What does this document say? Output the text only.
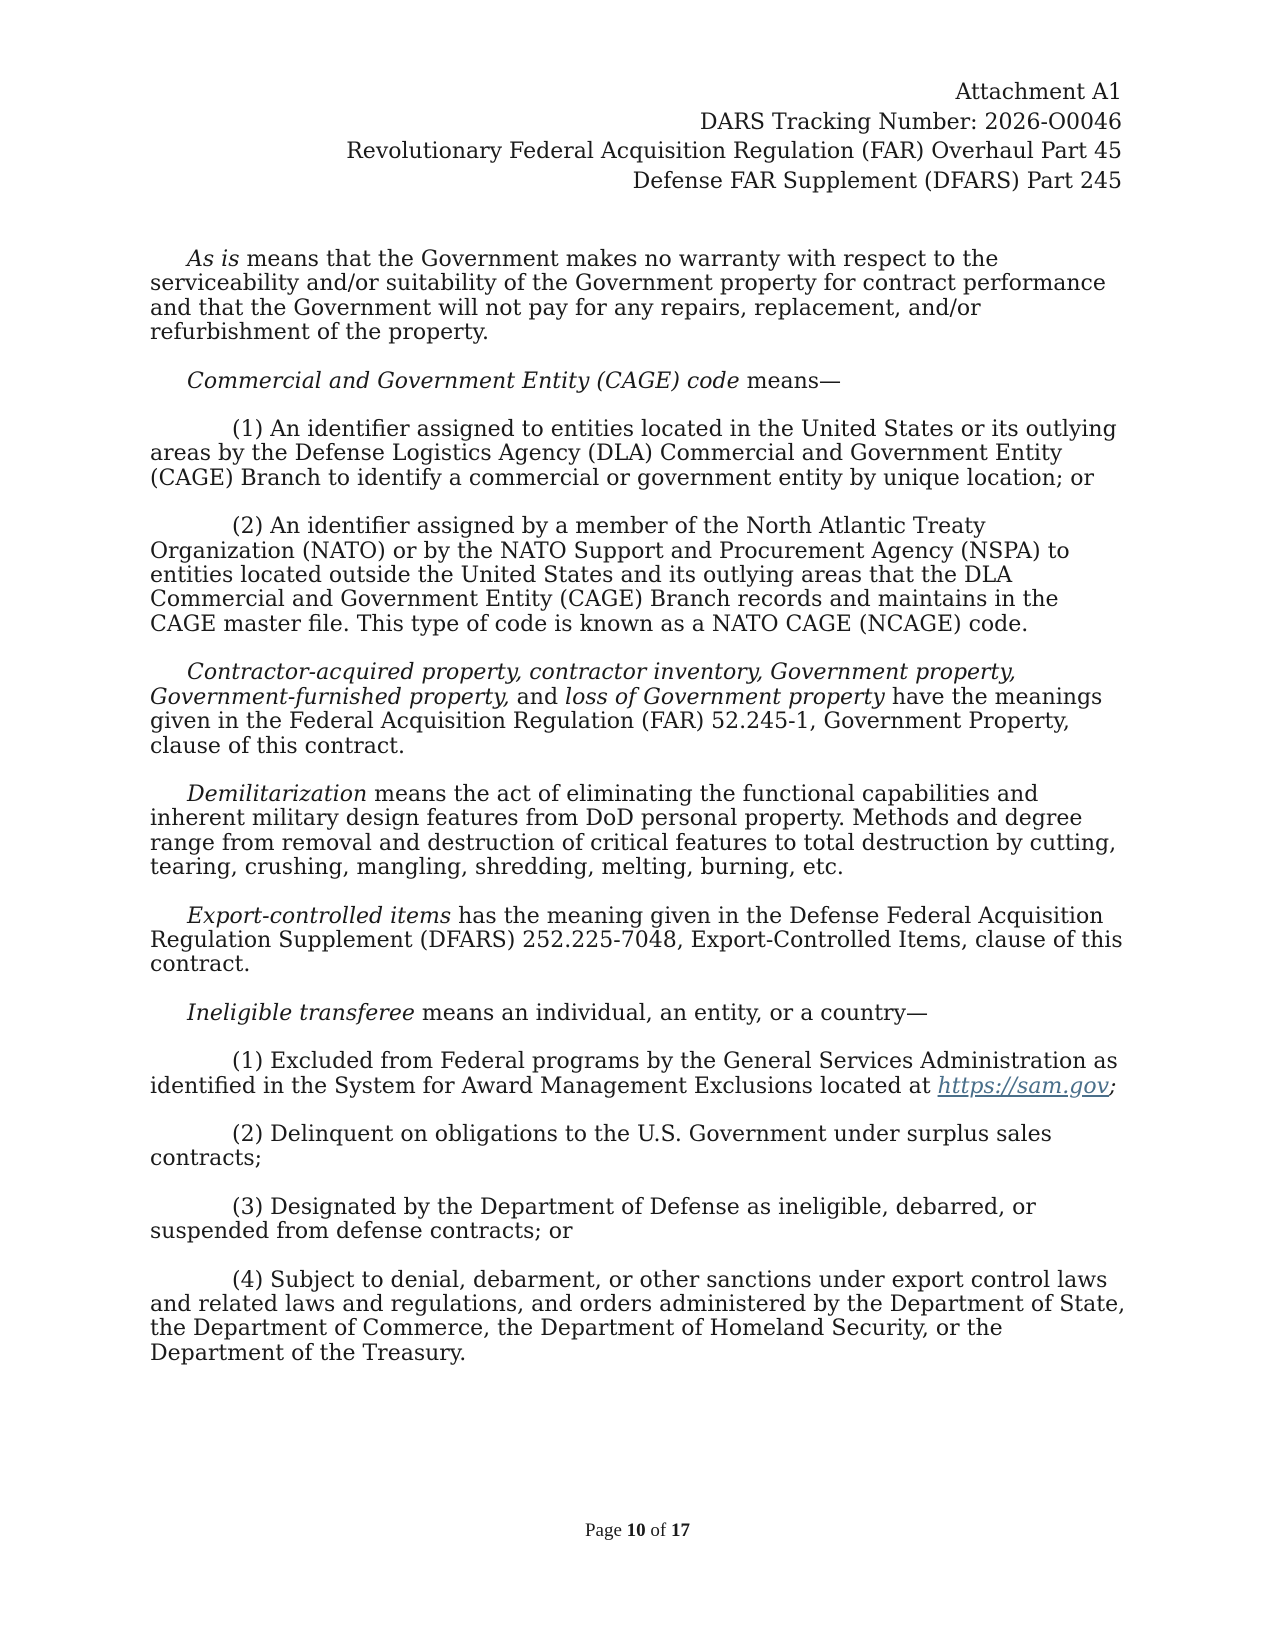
Attachment A1
DARS Tracking Number: 2026-O0046
Revolutionary Federal Acquisition Regulation (FAR) Overhaul Part 45
Defense FAR Supplement (DFARS) Part 245

As is means that the Government makes no warranty with respect to the serviceability and/or suitability of the Government property for contract performance and that the Government will not pay for any repairs, replacement, and/or refurbishment of the property.

Commercial and Government Entity (CAGE) code means—

(1) An identifier assigned to entities located in the United States or its outlying areas by the Defense Logistics Agency (DLA) Commercial and Government Entity (CAGE) Branch to identify a commercial or government entity by unique location; or

(2) An identifier assigned by a member of the North Atlantic Treaty Organization (NATO) or by the NATO Support and Procurement Agency (NSPA) to entities located outside the United States and its outlying areas that the DLA Commercial and Government Entity (CAGE) Branch records and maintains in the CAGE master file. This type of code is known as a NATO CAGE (NCAGE) code.

Contractor-acquired property, contractor inventory, Government property, Government-furnished property, and loss of Government property have the meanings given in the Federal Acquisition Regulation (FAR) 52.245-1, Government Property, clause of this contract.

Demilitarization means the act of eliminating the functional capabilities and inherent military design features from DoD personal property. Methods and degree range from removal and destruction of critical features to total destruction by cutting, tearing, crushing, mangling, shredding, melting, burning, etc.

Export-controlled items has the meaning given in the Defense Federal Acquisition Regulation Supplement (DFARS) 252.225-7048, Export-Controlled Items, clause of this contract.

Ineligible transferee means an individual, an entity, or a country—

(1) Excluded from Federal programs by the General Services Administration as identified in the System for Award Management Exclusions located at https://sam.gov;

(2) Delinquent on obligations to the U.S. Government under surplus sales contracts;

(3) Designated by the Department of Defense as ineligible, debarred, or suspended from defense contracts; or

(4) Subject to denial, debarment, or other sanctions under export control laws and related laws and regulations, and orders administered by the Department of State, the Department of Commerce, the Department of Homeland Security, or the Department of the Treasury.

Page 10 of 17
